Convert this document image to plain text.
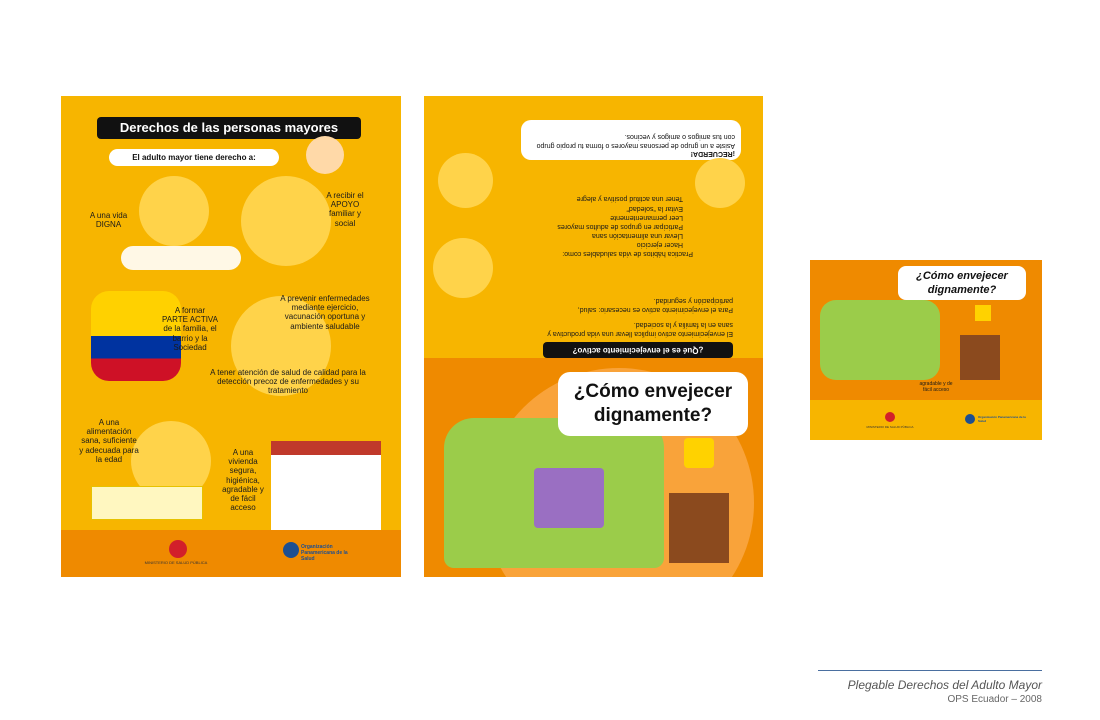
Derechos de las personas mayores
El adulto mayor tiene derecho a:
A una vida DIGNA
A recibir el APOYO familiar y social
A formar PARTE ACTIVA de la familia, el barrio y la Sociedad
A prevenir enfermedades mediante ejercicio, vacunación oportuna y ambiente saludable
A tener atención de salud de calidad para la detección precoz de enfermedades y su tratamiento
A una alimentación sana, suficiente y adecuada para la edad
A una vivienda segura, higiénica, agradable y de fácil acceso
MINISTERIO DE SALUD PÚBLICA
Organización Panamericana de la Salud
¡RECUERDA!
Asiste a un grupo de personas mayores o forma tu propio grupo con tus amigos o amigos y vecinos.
Practica hábitos de vida saludables como:
Hacer ejercicio
Llevar una alimentación sana
Participar en grupos de adultos mayores
Leer permanentemente
Evitar la “soledad”
Tener una actitud positiva y alegre
El envejecimiento activo implica llevar una vida productiva y sana en la familia y la sociedad.
Para el envejecimiento activo es necesario: salud, participación y seguridad.
¿Qué es el envejecimiento activo?
¿Cómo envejecer dignamente?
¿Cómo envejecer dignamente?
agradable y de fácil acceso
MINISTERIO DE SALUD PÚBLICA
Organización Panamericana de la Salud
Plegable Derechos del Adulto Mayor
OPS Ecuador – 2008
